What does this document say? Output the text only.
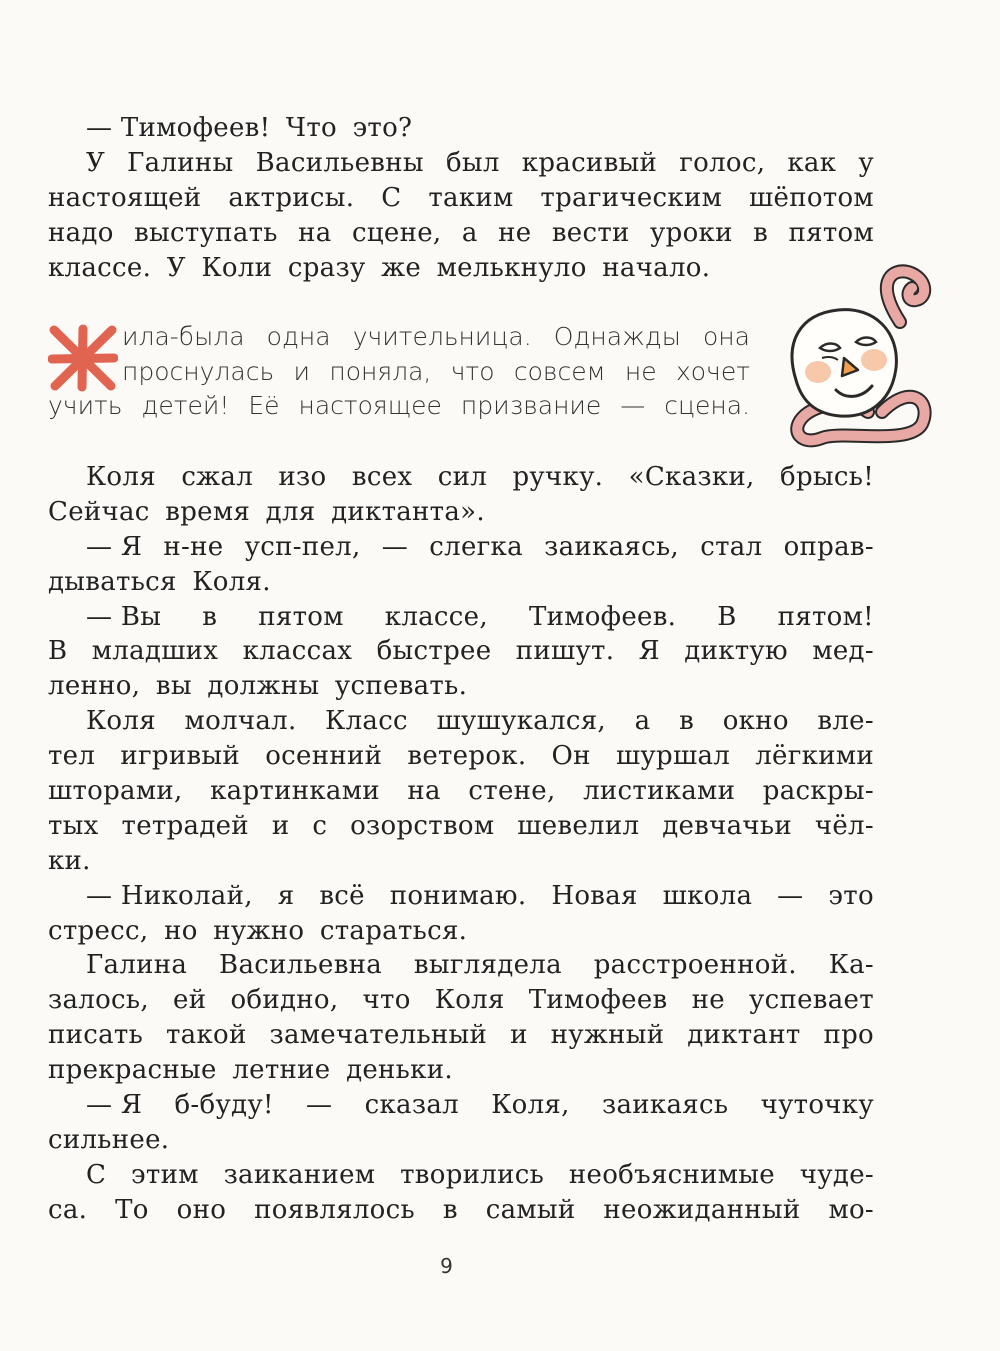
— Тимофеев! Что это?
У Галины Васильевны был красивый голос, как у
настоящей актрисы. С таким трагическим шёпотом
надо выступать на сцене, а не вести уроки в пятом
классе. У Коли сразу же мелькнуло начало.
ила-была одна учительница. Однажды она
проснулась и поняла, что совсем не хочет
учить детей! Её настоящее призвание — сцена.
Коля сжал изо всех сил ручку. «Сказки, брысь!
Сейчас время для диктанта».
— Я н-не усп-пел, — слегка заикаясь, стал оправ-
дываться Коля.
— Вы в пятом классе, Тимофеев. В пятом!
В младших классах быстрее пишут. Я диктую мед-
ленно, вы должны успевать.
Коля молчал. Класс шушукался, а в окно вле-
тел игривый осенний ветерок. Он шуршал лёгкими
шторами, картинками на стене, листиками раскры-
тых тетрадей и с озорством шевелил девчачьи чёл-
ки.
— Николай, я всё понимаю. Новая школа — это
стресс, но нужно стараться.
Галина Васильевна выглядела расстроенной. Ка-
залось, ей обидно, что Коля Тимофеев не успевает
писать такой замечательный и нужный диктант про
прекрасные летние деньки.
— Я б-буду! — сказал Коля, заикаясь чуточку
сильнее.
С этим заиканием творились необъяснимые чуде-
са. То оно появлялось в самый неожиданный мо-
9
